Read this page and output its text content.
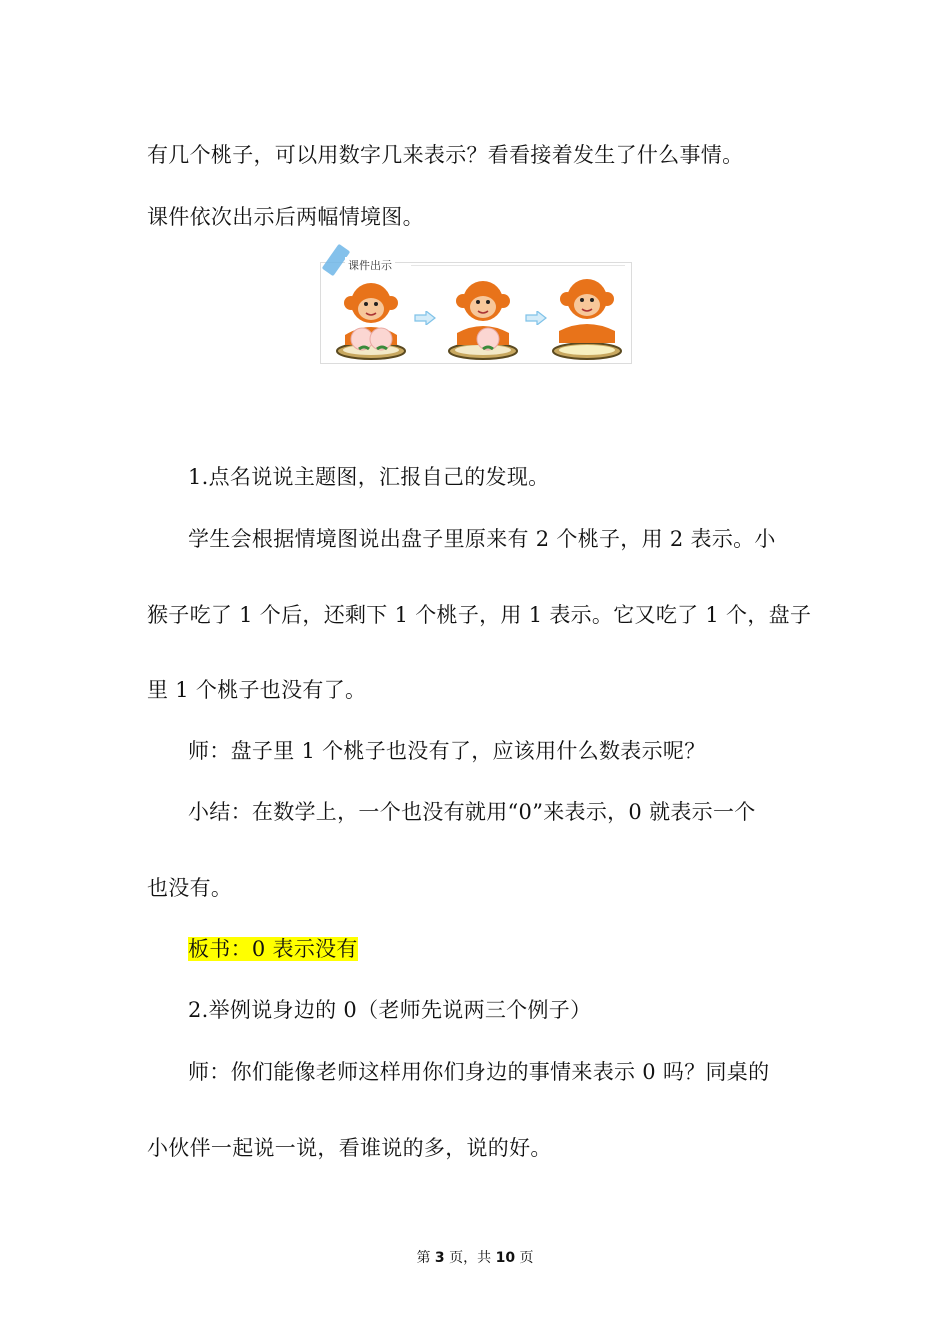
有几个桃子，可以用数字几来表示？看看接着发生了什么事情。
课件依次出示后两幅情境图。
课件出示
1.点名说说主题图，汇报自己的发现。
学生会根据情境图说出盘子里原来有 2 个桃子，用 2 表示。小
猴子吃了 1 个后，还剩下 1 个桃子，用 1 表示。它又吃了 1 个，盘子
里 1 个桃子也没有了。
师：盘子里 1 个桃子也没有了，应该用什么数表示呢？
小结：在数学上，一个也没有就用“0”来表示，0 就表示一个
也没有。
板书：0 表示没有
2.举例说身边的 0（老师先说两三个例子）
师：你们能像老师这样用你们身边的事情来表示 0 吗？同桌的
小伙伴一起说一说，看谁说的多，说的好。
第 3 页，共 10 页
